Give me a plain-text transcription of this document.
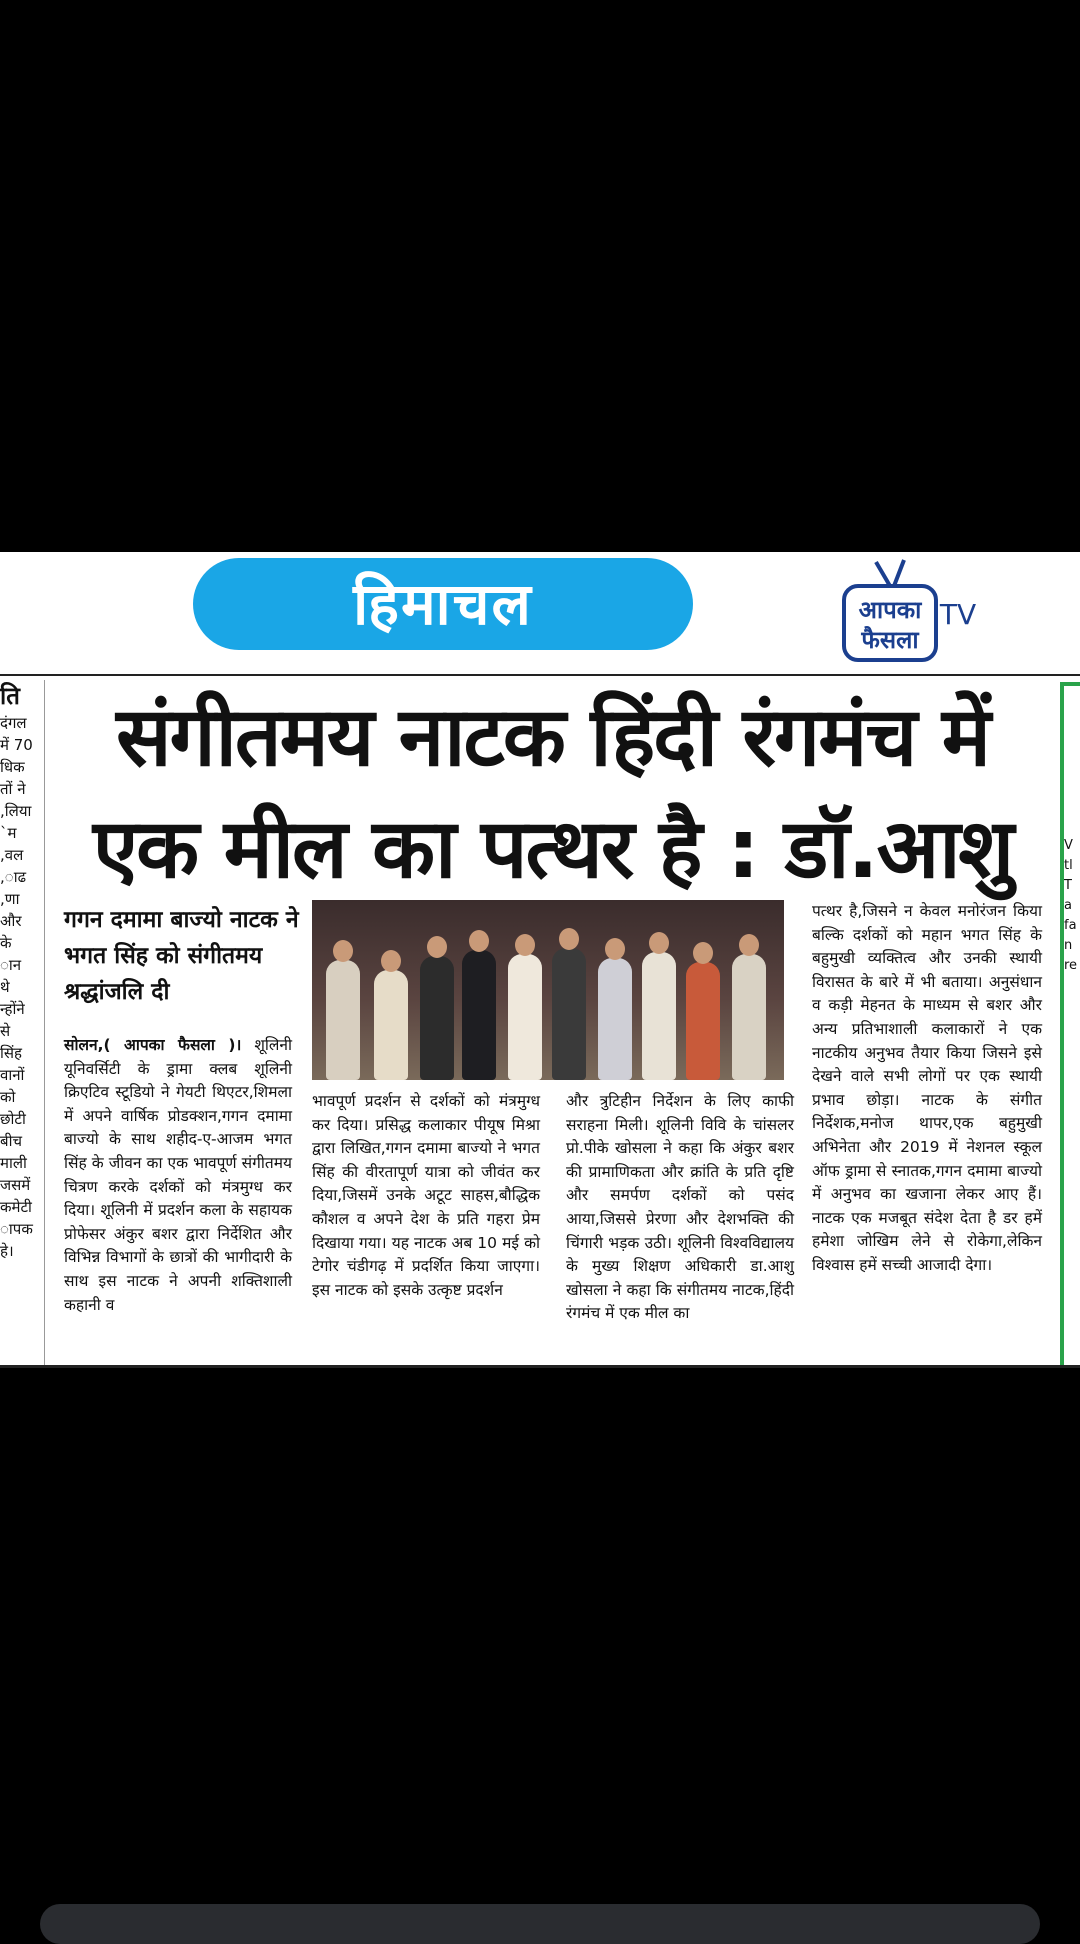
हिमाचल	आपका
फैसला
TV
ति
दंगल
में 70
धिक
तों ने
लिया,
म`
वल,
ाढ,
णा,
और
के
ान
थे
न्होंने
से
सिंह
वानों
को
छोटी
बीच
माली
जसमें
कमेटी
ापक
हे।
संगीतमय नाटक हिंदी रंगमंच में एक मील का पत्थर है : डॉ.आशु
गगन दमामा बाज्यो नाटक ने भगत सिंह को संगीतमय श्रद्धांजलि दी
सोलन,( आपका फैसला )। शूलिनी यूनिवर्सिटी के ड्रामा क्लब शूलिनी क्रिएटिव स्टूडियो ने गेयटी थिएटर,शिमला में अपने वार्षिक प्रोडक्शन,गगन दमामा बाज्यो के साथ शहीद-ए-आजम भगत सिंह के जीवन का एक भावपूर्ण संगीतमय चित्रण करके दर्शकों को मंत्रमुग्ध कर दिया। शूलिनी में प्रदर्शन कला के सहायक प्रोफेसर अंकुर बशर द्वारा निर्देशित और विभिन्न विभागों के छात्रों की भागीदारी के साथ इस नाटक ने अपनी शक्तिशाली कहानी व
भावपूर्ण प्रदर्शन से दर्शकों को मंत्रमुग्ध कर दिया। प्रसिद्ध कलाकार पीयूष मिश्रा द्वारा लिखित,गगन दमामा बाज्यो ने भगत सिंह की वीरतापूर्ण यात्रा को जीवंत कर दिया,जिसमें उनके अटूट साहस,बौद्धिक कौशल व अपने देश के प्रति गहरा प्रेम दिखाया गया। यह नाटक अब 10 मई को टेगोर चंडीगढ़ में प्रदर्शित किया जाएगा। इस नाटक को इसके उत्कृष्ट प्रदर्शन
और त्रुटिहीन निर्देशन के लिए काफी सराहना मिली। शूलिनी विवि के चांसलर प्रो.पीके खोसला ने कहा कि अंकुर बशर की प्रामाणिकता और क्रांति के प्रति दृष्टि और समर्पण दर्शकों को पसंद आया,जिससे प्रेरणा और देशभक्ति की चिंगारी भड़क उठी। शूलिनी विश्वविद्यालय के मुख्य शिक्षण अधिकारी डा.आशु खोसला ने कहा कि संगीतमय नाटक,हिंदी रंगमंच में एक मील का
पत्थर है,जिसने न केवल मनोरंजन किया बल्कि दर्शकों को महान भगत सिंह के बहुमुखी व्यक्तित्व और उनकी स्थायी विरासत के बारे में भी बताया। अनुसंधान व कड़ी मेहनत के माध्यम से बशर और अन्य प्रतिभाशाली कलाकारों ने एक नाटकीय अनुभव तैयार किया जिसने इसे देखने वाले सभी लोगों पर एक स्थायी प्रभाव छोड़ा। नाटक के संगीत निर्देशक,मनोज थापर,एक बहुमुखी अभिनेता और 2019 में नेशनल स्कूल ऑफ ड्रामा से स्नातक,गगन दमामा बाज्यो में अनुभव का खजाना लेकर आए हैं। नाटक एक मजबूत संदेश देता है डर हमें हमेशा जोखिम लेने से रोकेगा,लेकिन विश्वास हमें सच्ची आजादी देगा।
V
tl
T
a
fa
n
re
